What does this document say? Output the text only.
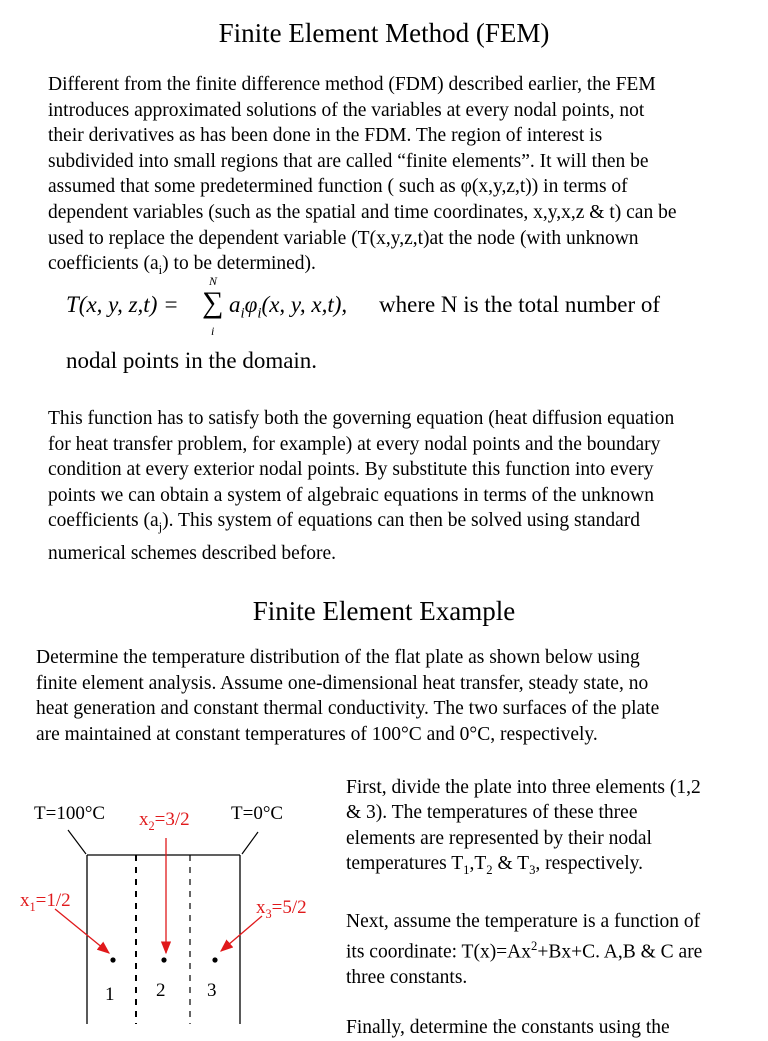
Finite Element Method (FEM)
Different from the finite difference method (FDM) described earlier, the FEM
introduces approximated solutions of the variables at every nodal points, not
their derivatives as has been done in the FDM. The region of interest is
subdivided into small regions that are called “finite elements”. It will then be
assumed that some predetermined function ( such as φ(x,y,z,t)) in terms of
dependent variables (such as the spatial and time coordinates, x,y,x,z & t) can be
used to replace the dependent variable (T(x,y,z,t)at the node (with unknown
coefficients $(a_i)$ to be determined).
T(x, y, z,t) =
N
∑
i
$a_i\varphi_i(x$, y, x,t), where N is the total number of
nodal points in the domain.
This function has to satisfy both the governing equation (heat diffusion equation
for heat transfer problem, for example) at every nodal points and the boundary
condition at every exterior nodal points. By substitute this function into every
points we can obtain a system of algebraic equations in terms of the unknown
coefficients $(a_j)$. This system of equations can then be solved using standard
numerical schemes described before.
Finite Element Example
Determine the temperature distribution of the flat plate as shown below using
finite element analysis. Assume one-dimensional heat transfer, steady state, no
heat generation and constant thermal conductivity. The two surfaces of the plate
are maintained at constant temperatures of 100°C and 0°C, respectively.
T=100°C	T=0°C
$x_2=3/2$
$x_1=1/2$	$x_3=5/2$
1 2 3
First, divide the plate into three elements (1,2
& 3). The temperatures of these three
elements are represented by their nodal
temperatures $T_1,T_2$ & $T_3$, respectively.
Next, assume the temperature is a function of
its coordinate: $T(x)=Ax^2+Bx+C$. A,B & C are
three constants.
Finally, determine the constants using the
